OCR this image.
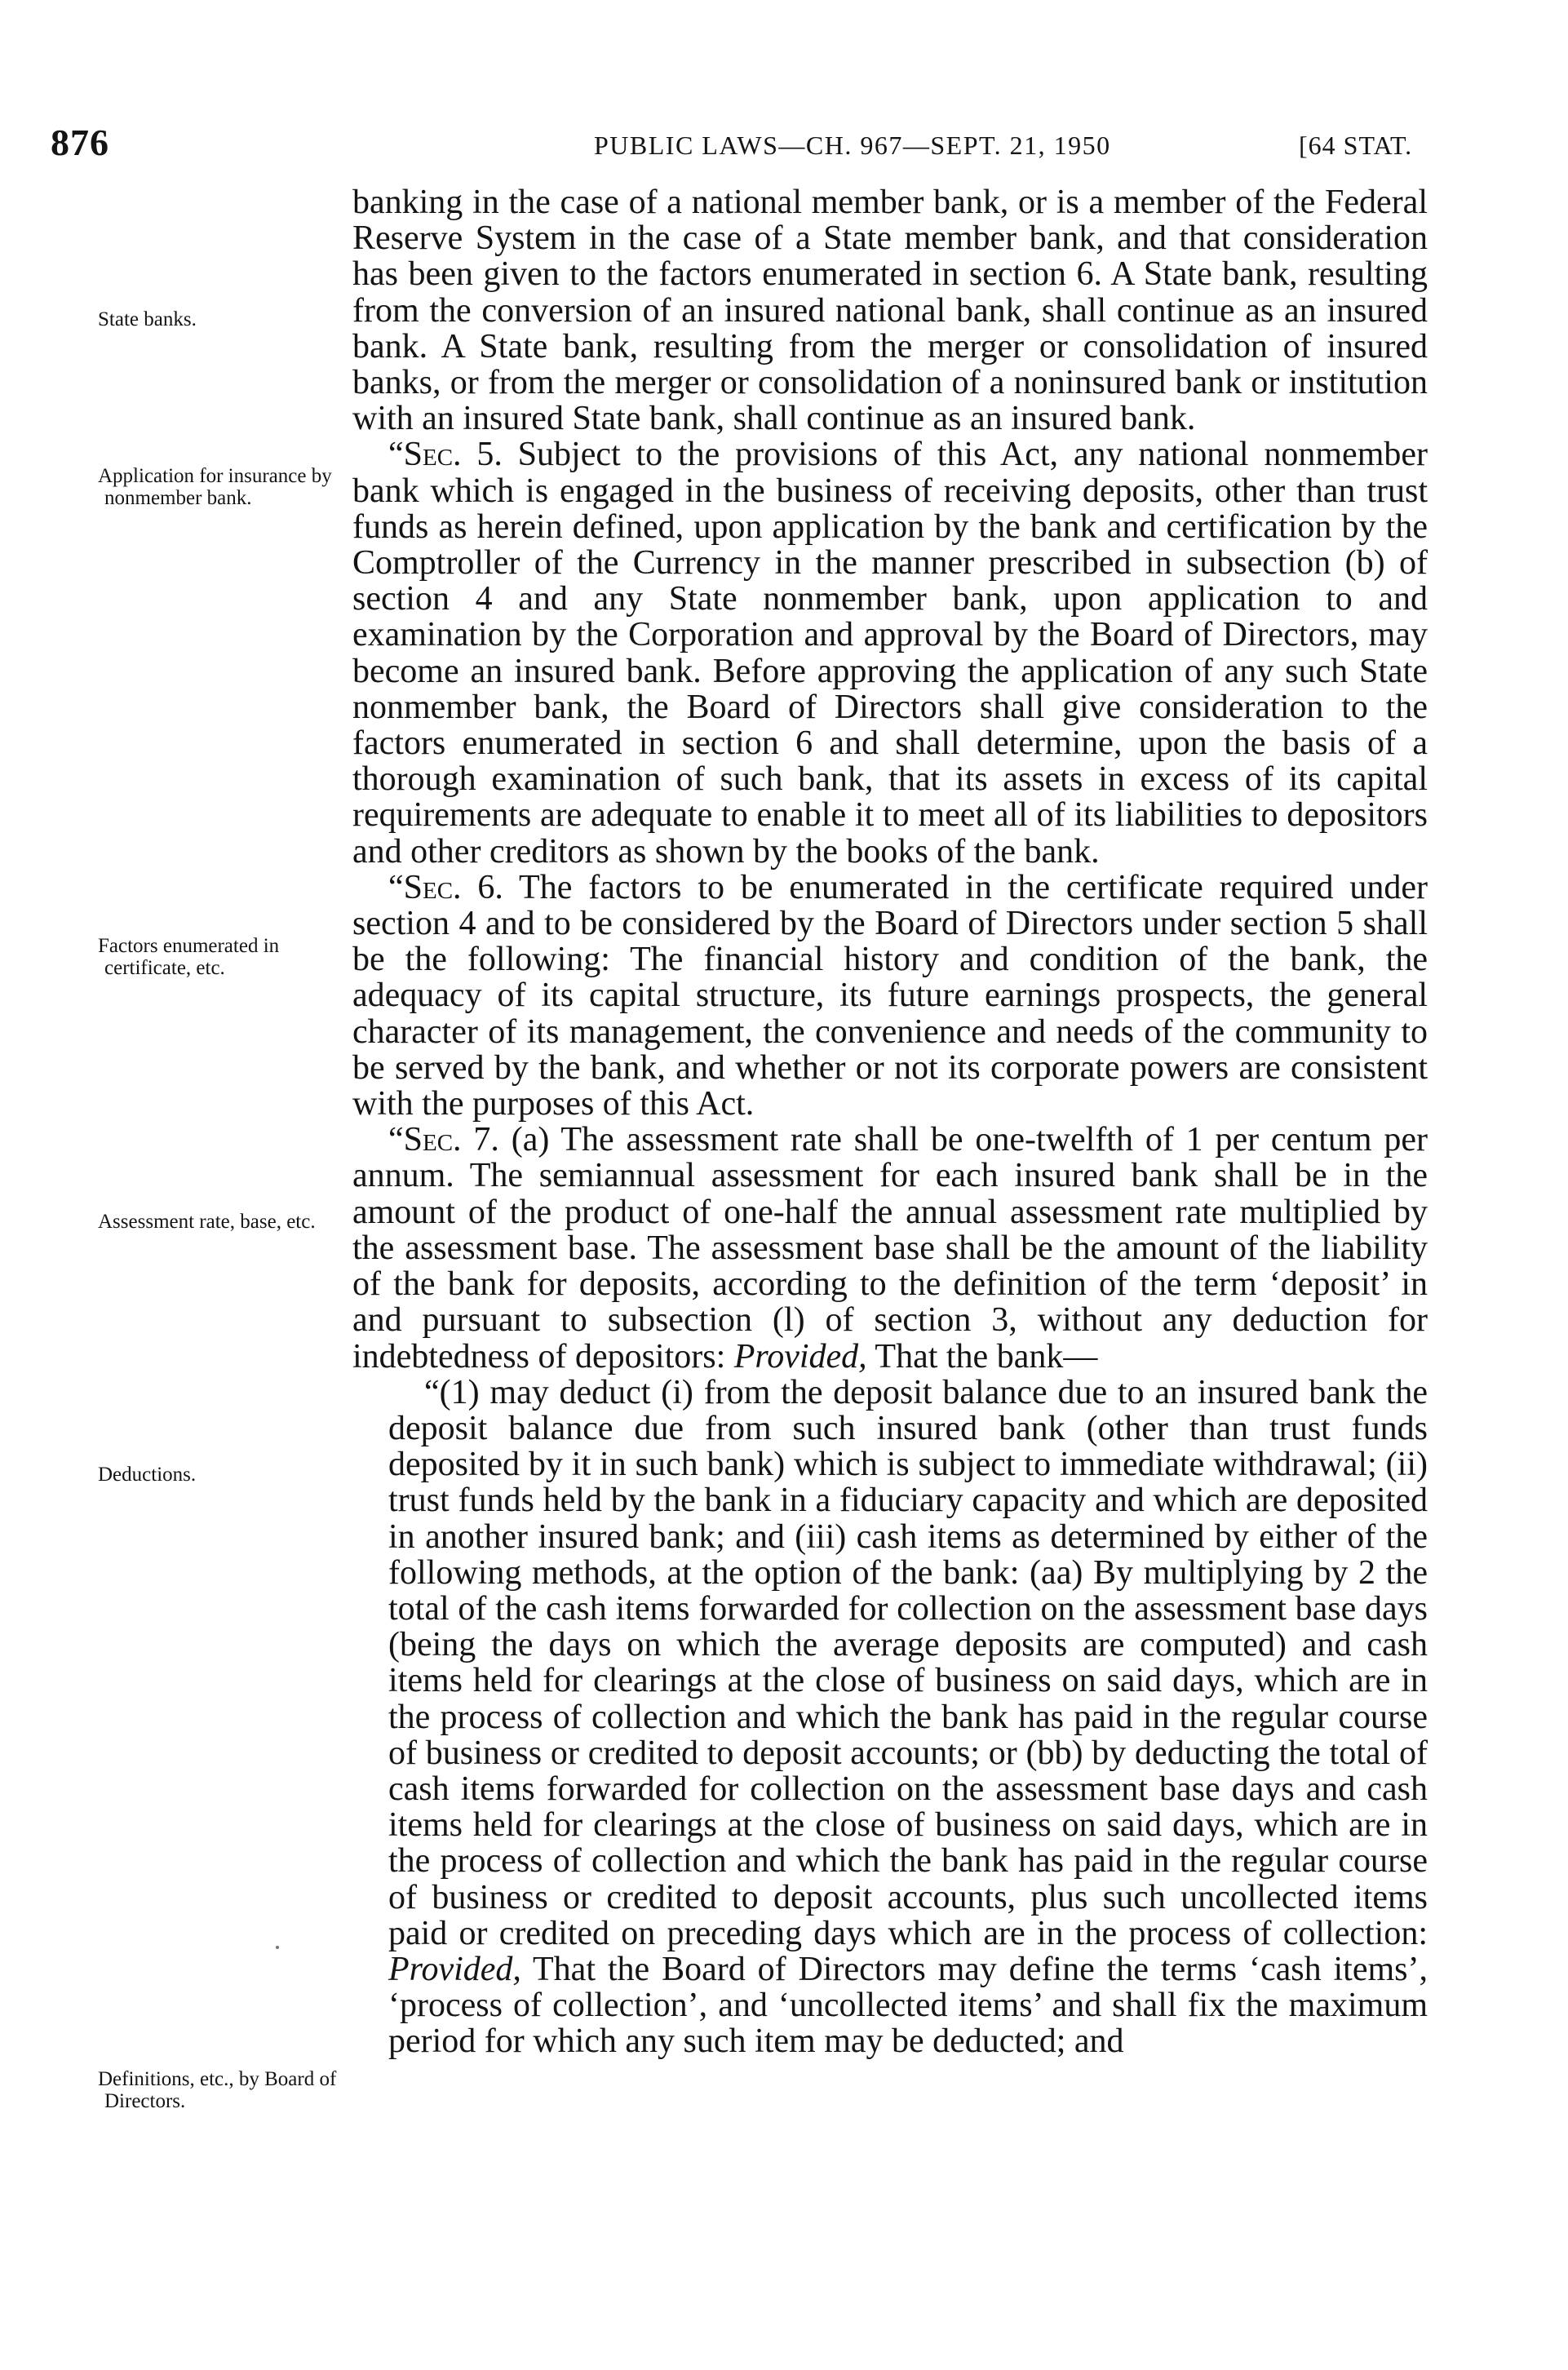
876	PUBLIC LAWS—CH. 967—SEPT. 21, 1950	[64 STAT.
State banks.
Application for insurance by nonmember bank.
Factors enumerated in certificate, etc.
Assessment rate, base, etc.
Deductions.
Definitions, etc., by Board of Directors.

banking in the case of a national member bank, or is a member of the Federal Reserve System in the case of a State member bank, and that consideration has been given to the factors enumerated in section 6. A State bank, resulting from the conversion of an insured national bank, shall continue as an insured bank. A State bank, resulting from the merger or consolidation of insured banks, or from the merger or consolidation of a noninsured bank or institution with an insured State bank, shall continue as an insured bank.

“Sec. 5. Subject to the provisions of this Act, any national nonmember bank which is engaged in the business of receiving deposits, other than trust funds as herein defined, upon application by the bank and certification by the Comptroller of the Currency in the manner prescribed in subsection (b) of section 4 and any State nonmember bank, upon application to and examination by the Corporation and approval by the Board of Directors, may become an insured bank. Before approving the application of any such State nonmember bank, the Board of Directors shall give consideration to the factors enumerated in section 6 and shall determine, upon the basis of a thorough examination of such bank, that its assets in excess of its capital requirements are adequate to enable it to meet all of its liabilities to depositors and other creditors as shown by the books of the bank.

“Sec. 6. The factors to be enumerated in the certificate required under section 4 and to be considered by the Board of Directors under section 5 shall be the following: The financial history and condition of the bank, the adequacy of its capital structure, its future earnings prospects, the general character of its management, the convenience and needs of the community to be served by the bank, and whether or not its corporate powers are consistent with the purposes of this Act.

“Sec. 7. (a) The assessment rate shall be one-twelfth of 1 per centum per annum. The semiannual assessment for each insured bank shall be in the amount of the product of one-half the annual assessment rate multiplied by the assessment base. The assessment base shall be the amount of the liability of the bank for deposits, according to the definition of the term ‘deposit’ in and pursuant to subsection (l) of section 3, without any deduction for indebtedness of depositors: Provided, That the bank—

“(1) may deduct (i) from the deposit balance due to an insured bank the deposit balance due from such insured bank (other than trust funds deposited by it in such bank) which is subject to immediate withdrawal; (ii) trust funds held by the bank in a fiduciary capacity and which are deposited in another insured bank; and (iii) cash items as determined by either of the following methods, at the option of the bank: (aa) By multiplying by 2 the total of the cash items forwarded for collection on the assessment base days (being the days on which the average deposits are computed) and cash items held for clearings at the close of business on said days, which are in the process of collection and which the bank has paid in the regular course of business or credited to deposit accounts; or (bb) by deducting the total of cash items forwarded for collection on the assessment base days and cash items held for clearings at the close of business on said days, which are in the process of collection and which the bank has paid in the regular course of business or credited to deposit accounts, plus such uncollected items paid or credited on preceding days which are in the process of collection: Provided, That the Board of Directors may define the terms ‘cash items’, ‘process of collection’, and ‘uncollected items’ and shall fix the maximum period for which any such item may be deducted; and
